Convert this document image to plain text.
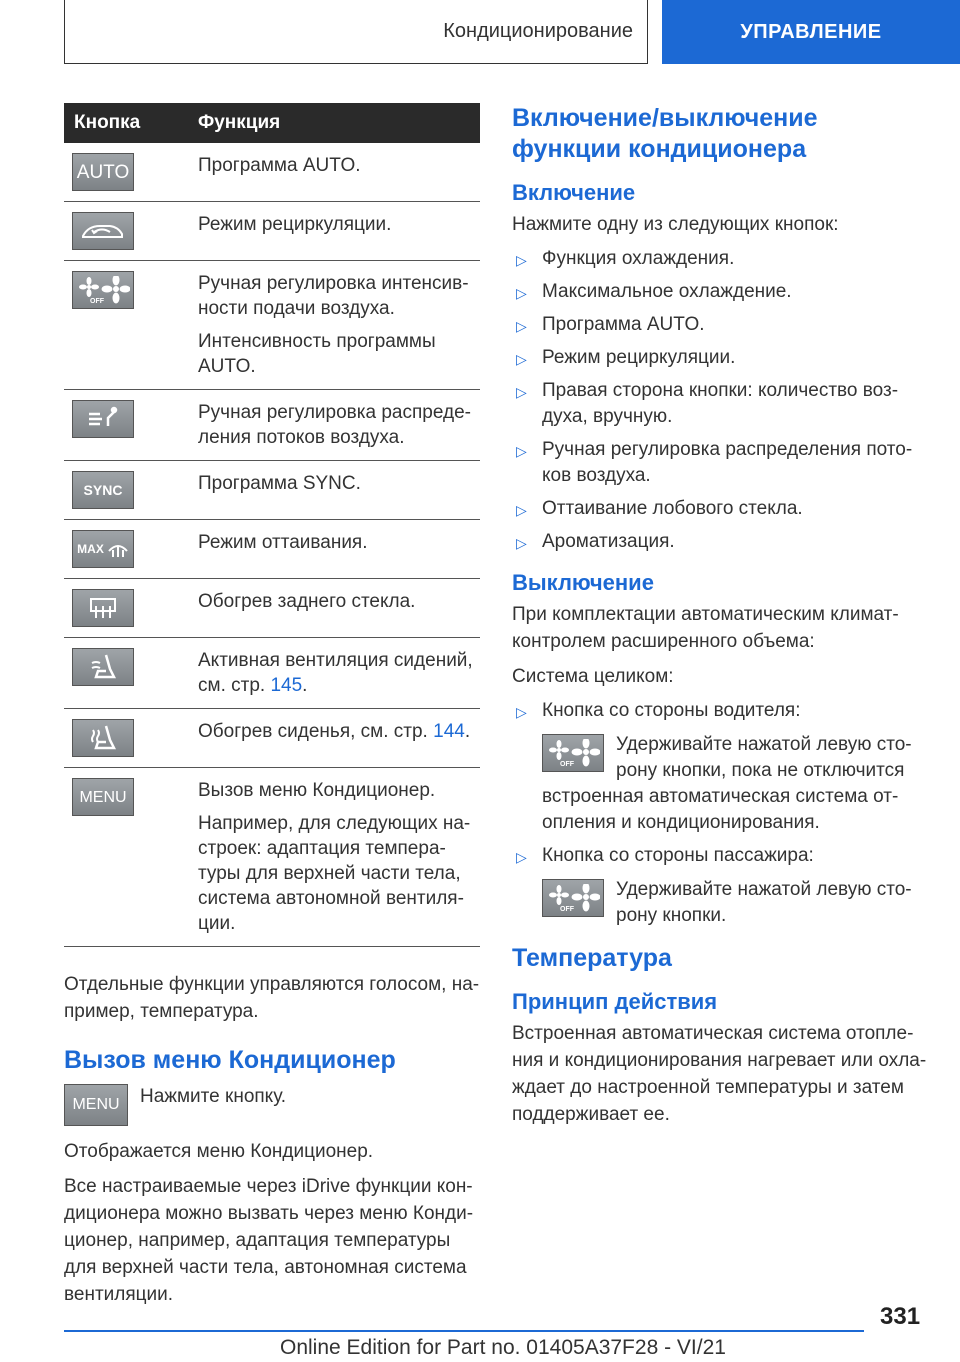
Кондиционирование	УПРАВЛЕНИЕ
Кнопка	Функция

AUTO	Программа AUTO.

Режим рециркуляции.

OFF	Ручная регулировка интенсив-ности подачи воздуха.

Интенсивность программы AUTO.

Ручная регулировка распреде-ления потоков воздуха.

SYNC	Программа SYNC.

MAX	Режим оттаивания.

Обогрев заднего стекла.

Активная вентиляция сидений, см. стр. 145.

Обогрев сиденья, см. стр. 144.

MENU	Вызов меню Кондиционер.

Например, для следующих на-строек: адаптация темпера-туры для верхней части тела, система автономной вентиля-ции.

Отдельные функции управляются голосом, на-пример, температура.

Вызов меню Кондиционер
MENU Нажмите кнопку.

Отображается меню Кондиционер.

Все настраиваемые через iDrive функции кон-диционера можно вызвать через меню Конди-ционер, например, адаптация температуры для верхней части тела, автономная система вентиляции.

Включение/выключение функции кондиционера
Включение

Нажмите одну из следующих кнопок:

▷ Функция охлаждения.
▷ Максимальное охлаждение.
▷ Программа AUTO.
▷ Режим рециркуляции.
▷ Правая сторона кнопки: количество воз-духа, вручную.
▷ Ручная регулировка распределения пото-ков воздуха.
▷ Оттаивание лобового стекла.
▷ Ароматизация.
Выключение

При комплектации автоматическим климат-контролем расширенного объема:

Система целиком:

▷ Кнопка со стороны водителя:
OFF
Удерживайте нажатой левую сто-рону кнопки, пока не отключится встроенная автоматическая система от-опления и кондиционирования.
▷ Кнопка со стороны пассажира:
OFF
Удерживайте нажатой левую сто-рону кнопки.
Температура
Принцип действия

Встроенная автоматическая система отопле-ния и кондиционирования нагревает или охла-ждает до настроенной температуры и затем поддерживает ее.

331
Online Edition for Part no. 01405A37F28 - VI/21
